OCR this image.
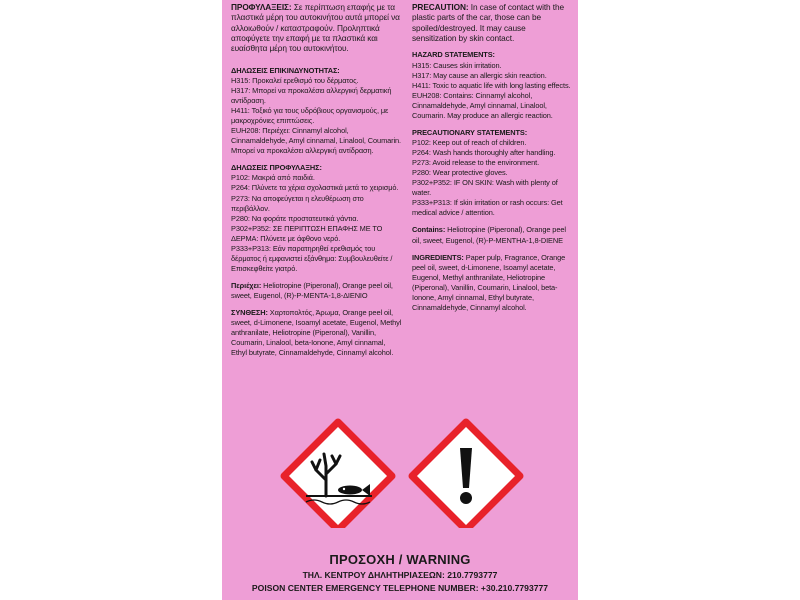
ΠΡΟΦΥΛΑΞΕΙΣ: Σε περίπτωση επαφής με τα πλαστικά μέρη του αυτοκινήτου αυτά μπορεί να αλλοιωθούν / καταστραφούν. Προληπτικά αποφύγετε την επαφή με τα πλαστικά και ευαίσθητα μέρη του αυτοκινήτου.

ΔΗΛΩΣΕΙΣ ΕΠΙΚΙΝΔΥΝΟΤΗΤΑΣ:
H315: Προκαλεί ερεθισμό του δέρματος.
H317: Μπορεί να προκαλέσει αλλεργική δερματική αντίδραση.
H411: Τοξικό για τους υδρόβιους οργανισμούς, με μακροχρόνιες επιπτώσεις.
EUH208: Περιέχει: Cinnamyl alcohol, Cinnamaldehyde, Amyl cinnamal, Linalool, Coumarin. Μπορεί να προκαλέσει αλλεργική αντίδραση.

ΔΗΛΩΣΕΙΣ ΠΡΟΦΥΛΑΞΗΣ:
P102: Μακριά από παιδιά.
P264: Πλύνετε τα χέρια σχολαστικά μετά το χειρισμό.
P273: Να αποφεύγεται η ελευθέρωση στο περιβάλλον.
P280: Να φοράτε προστατευτικά γάντια.
P302+P352: ΣΕ ΠΕΡΙΠΤΩΣΗ ΕΠΑΦΗΣ ΜΕ ΤΟ ΔΕΡΜΑ: Πλύνετε με άφθονο νερό.
P333+P313: Εάν παρατηρηθεί ερεθισμός του δέρματος ή εμφανιστεί εξάνθημα: Συμβουλευθείτε / Επισκεφθείτε γιατρό.

Περιέχει: Heliotropine (Piperonal), Orange peel oil, sweet, Eugenol, (R)-P-MENTA-1,8-ΔΙΕΝΙΟ

ΣΥΝΘΕΣΗ: Χαρτοπολτός, Άρωμα, Orange peel oil, sweet, d-Limonene, Isoamyl acetate, Eugenol, Methyl anthranilate, Heliotropine (Piperonal), Vanillin, Coumarin, Linalool, beta-Ionone, Amyl cinnamal, Ethyl butyrate, Cinnamaldehyde, Cinnamyl alcohol.

PRECAUTION: In case of contact with the plastic parts of the car, those can be spoiled/destroyed. It may cause sensitization by skin contact.

HAZARD STATEMENTS:
H315: Causes skin irritation.
H317: May cause an allergic skin reaction.
H411: Toxic to aquatic life with long lasting effects.
EUH208: Contains: Cinnamyl alcohol, Cinnamaldehyde, Amyl cinnamal, Linalool, Coumarin. May produce an allergic reaction.

PRECAUTIONARY STATEMENTS:
P102: Keep out of reach of children.
P264: Wash hands thoroughly after handling.
P273: Avoid release to the environment.
P280: Wear protective gloves.
P302+P352: IF ON SKIN: Wash with plenty of water.
P333+P313: If skin irritation or rash occurs: Get medical advice / attention.

Contains: Heliotropine (Piperonal), Orange peel oil, sweet, Eugenol, (R)-P-MENTHA-1,8-DIENE

INGREDIENTS: Paper pulp, Fragrance, Orange peel oil, sweet, d-Limonene, Isoamyl acetate, Eugenol, Methyl anthranilate, Heliotropine (Piperonal), Vanillin, Coumarin, Linalool, beta-Ionone, Amyl cinnamal, Ethyl butyrate, Cinnamaldehyde, Cinnamyl alcohol.

ΠΡΟΣΟΧΗ / WARNING
ΤΗΛ. ΚΕΝΤΡΟΥ ΔΗΛΗΤΗΡΙΑΣΕΩΝ: 210.7793777
POISON CENTER EMERGENCY TELEPHONE NUMBER: +30.210.7793777
